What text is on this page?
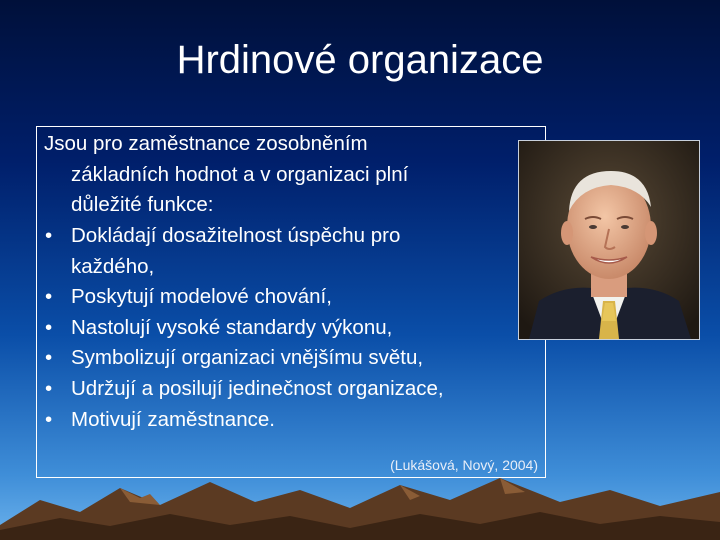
Hrdinové organizace
Jsou pro zaměstnance zosobněním
základních hodnot a v organizaci plní
důležité funkce:
• Dokládají dosažitelnost úspěchu pro
každého,
• Poskytují modelové chování,
• Nastolují vysoké standardy výkonu,
• Symbolizují organizaci vnějšímu světu,
• Udržují a posilují jedinečnost organizace,
• Motivují zaměstnance.
(Lukášová, Nový, 2004)
